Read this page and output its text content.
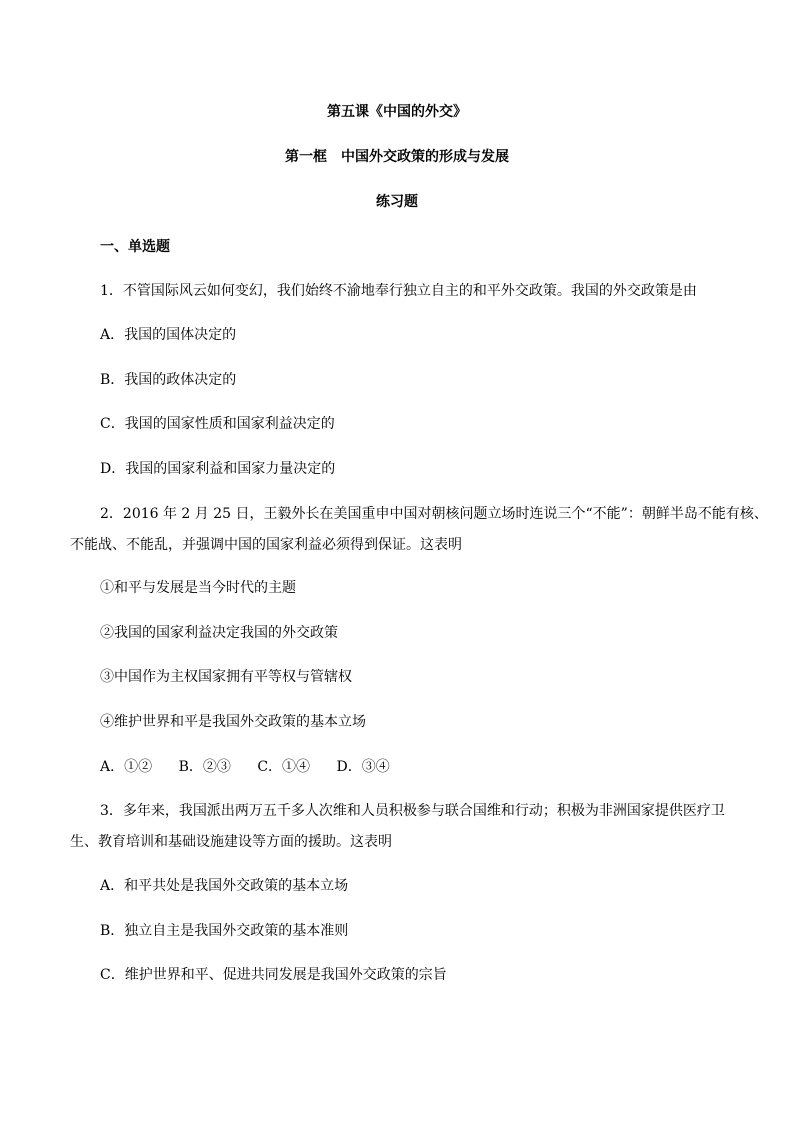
第五课《中国的外交》
第一框　中国外交政策的形成与发展
练习题
一、单选题
1．不管国际风云如何变幻，我们始终不渝地奉行独立自主的和平外交政策。我国的外交政策是由
A．我国的国体决定的
B．我国的政体决定的
C．我国的国家性质和国家利益决定的
D．我国的国家利益和国家力量决定的
2．2016 年 2 月 25 日，王毅外长在美国重申中国对朝核问题立场时连说三个“不能”：朝鲜半岛不能有核、
不能战、不能乱，并强调中国的国家利益必须得到保证。这表明
①和平与发展是当今时代的主题
②我国的国家利益决定我国的外交政策
③中国作为主权国家拥有平等权与管辖权
④维护世界和平是我国外交政策的基本立场
A．①② B．②③ C．①④ D．③④
3．多年来，我国派出两万五千多人次维和人员积极参与联合国维和行动；积极为非洲国家提供医疗卫
生、教育培训和基础设施建设等方面的援助。这表明
A．和平共处是我国外交政策的基本立场
B．独立自主是我国外交政策的基本准则
C．维护世界和平、促进共同发展是我国外交政策的宗旨
